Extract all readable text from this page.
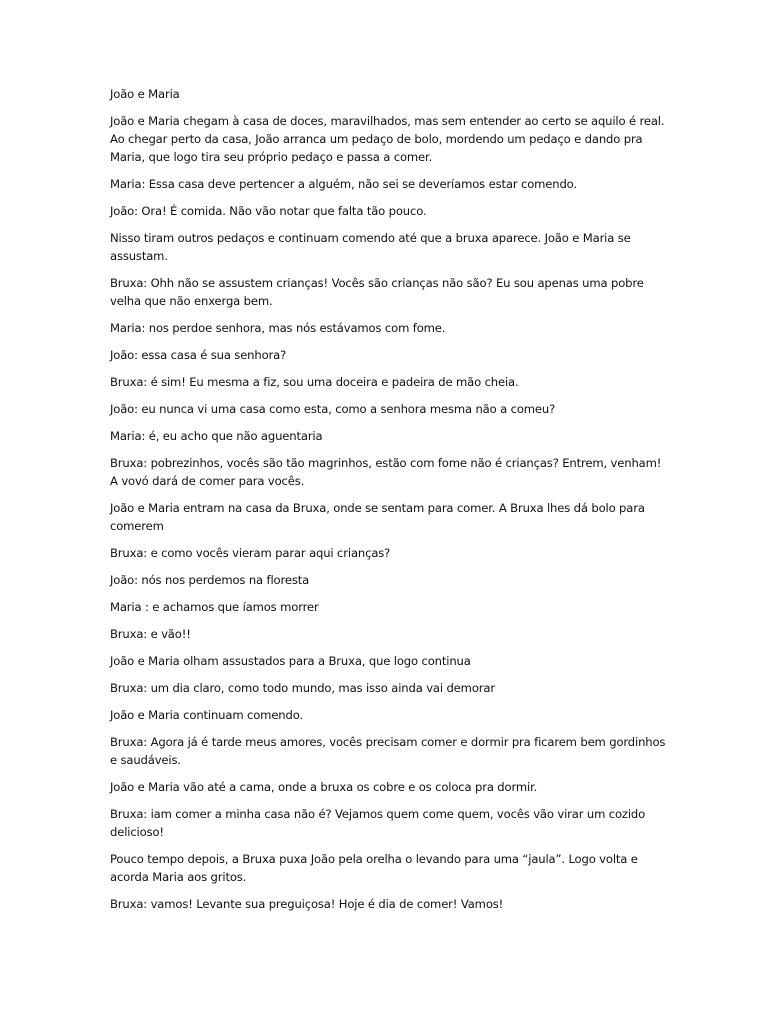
João e Maria

João e Maria chegam à casa de doces, maravilhados, mas sem entender ao certo se aquilo é real. Ao chegar perto da casa, João arranca um pedaço de bolo, mordendo um pedaço e dando pra Maria, que logo tira seu próprio pedaço e passa a comer.

Maria: Essa casa deve pertencer a alguém, não sei se deveríamos estar comendo.

João: Ora! É comida. Não vão notar que falta tão pouco.

Nisso tiram outros pedaços e continuam comendo até que a bruxa aparece. João e Maria se assustam.

Bruxa: Ohh não se assustem crianças! Vocês são crianças não são? Eu sou apenas uma pobre velha que não enxerga bem.

Maria: nos perdoe senhora, mas nós estávamos com fome.

João: essa casa é sua senhora?

Bruxa: é sim! Eu mesma a fiz, sou uma doceira e padeira de mão cheia.

João: eu nunca vi uma casa como esta, como a senhora mesma não a comeu?

Maria: é, eu acho que não aguentaria

Bruxa: pobrezinhos, vocês são tão magrinhos, estão com fome não é crianças? Entrem, venham! A vovó dará de comer para vocês.

João e Maria entram na casa da Bruxa, onde se sentam para comer. A Bruxa lhes dá bolo para comerem

Bruxa: e como vocês vieram parar aqui crianças?

João: nós nos perdemos na floresta

Maria : e achamos que íamos morrer

Bruxa: e vão!!

João e Maria olham assustados para a Bruxa, que logo continua

Bruxa: um dia claro, como todo mundo, mas isso ainda vai demorar

João e Maria continuam comendo.

Bruxa: Agora já é tarde meus amores, vocês precisam comer e dormir pra ficarem bem gordinhos e saudáveis.

João e Maria vão até a cama, onde a bruxa os cobre e os coloca pra dormir.

Bruxa: iam comer a minha casa não é? Vejamos quem come quem, vocês vão virar um cozido delicioso!

Pouco tempo depois, a Bruxa puxa João pela orelha o levando para uma “jaula”. Logo volta e acorda Maria aos gritos.

Bruxa: vamos! Levante sua preguiçosa! Hoje é dia de comer! Vamos!
